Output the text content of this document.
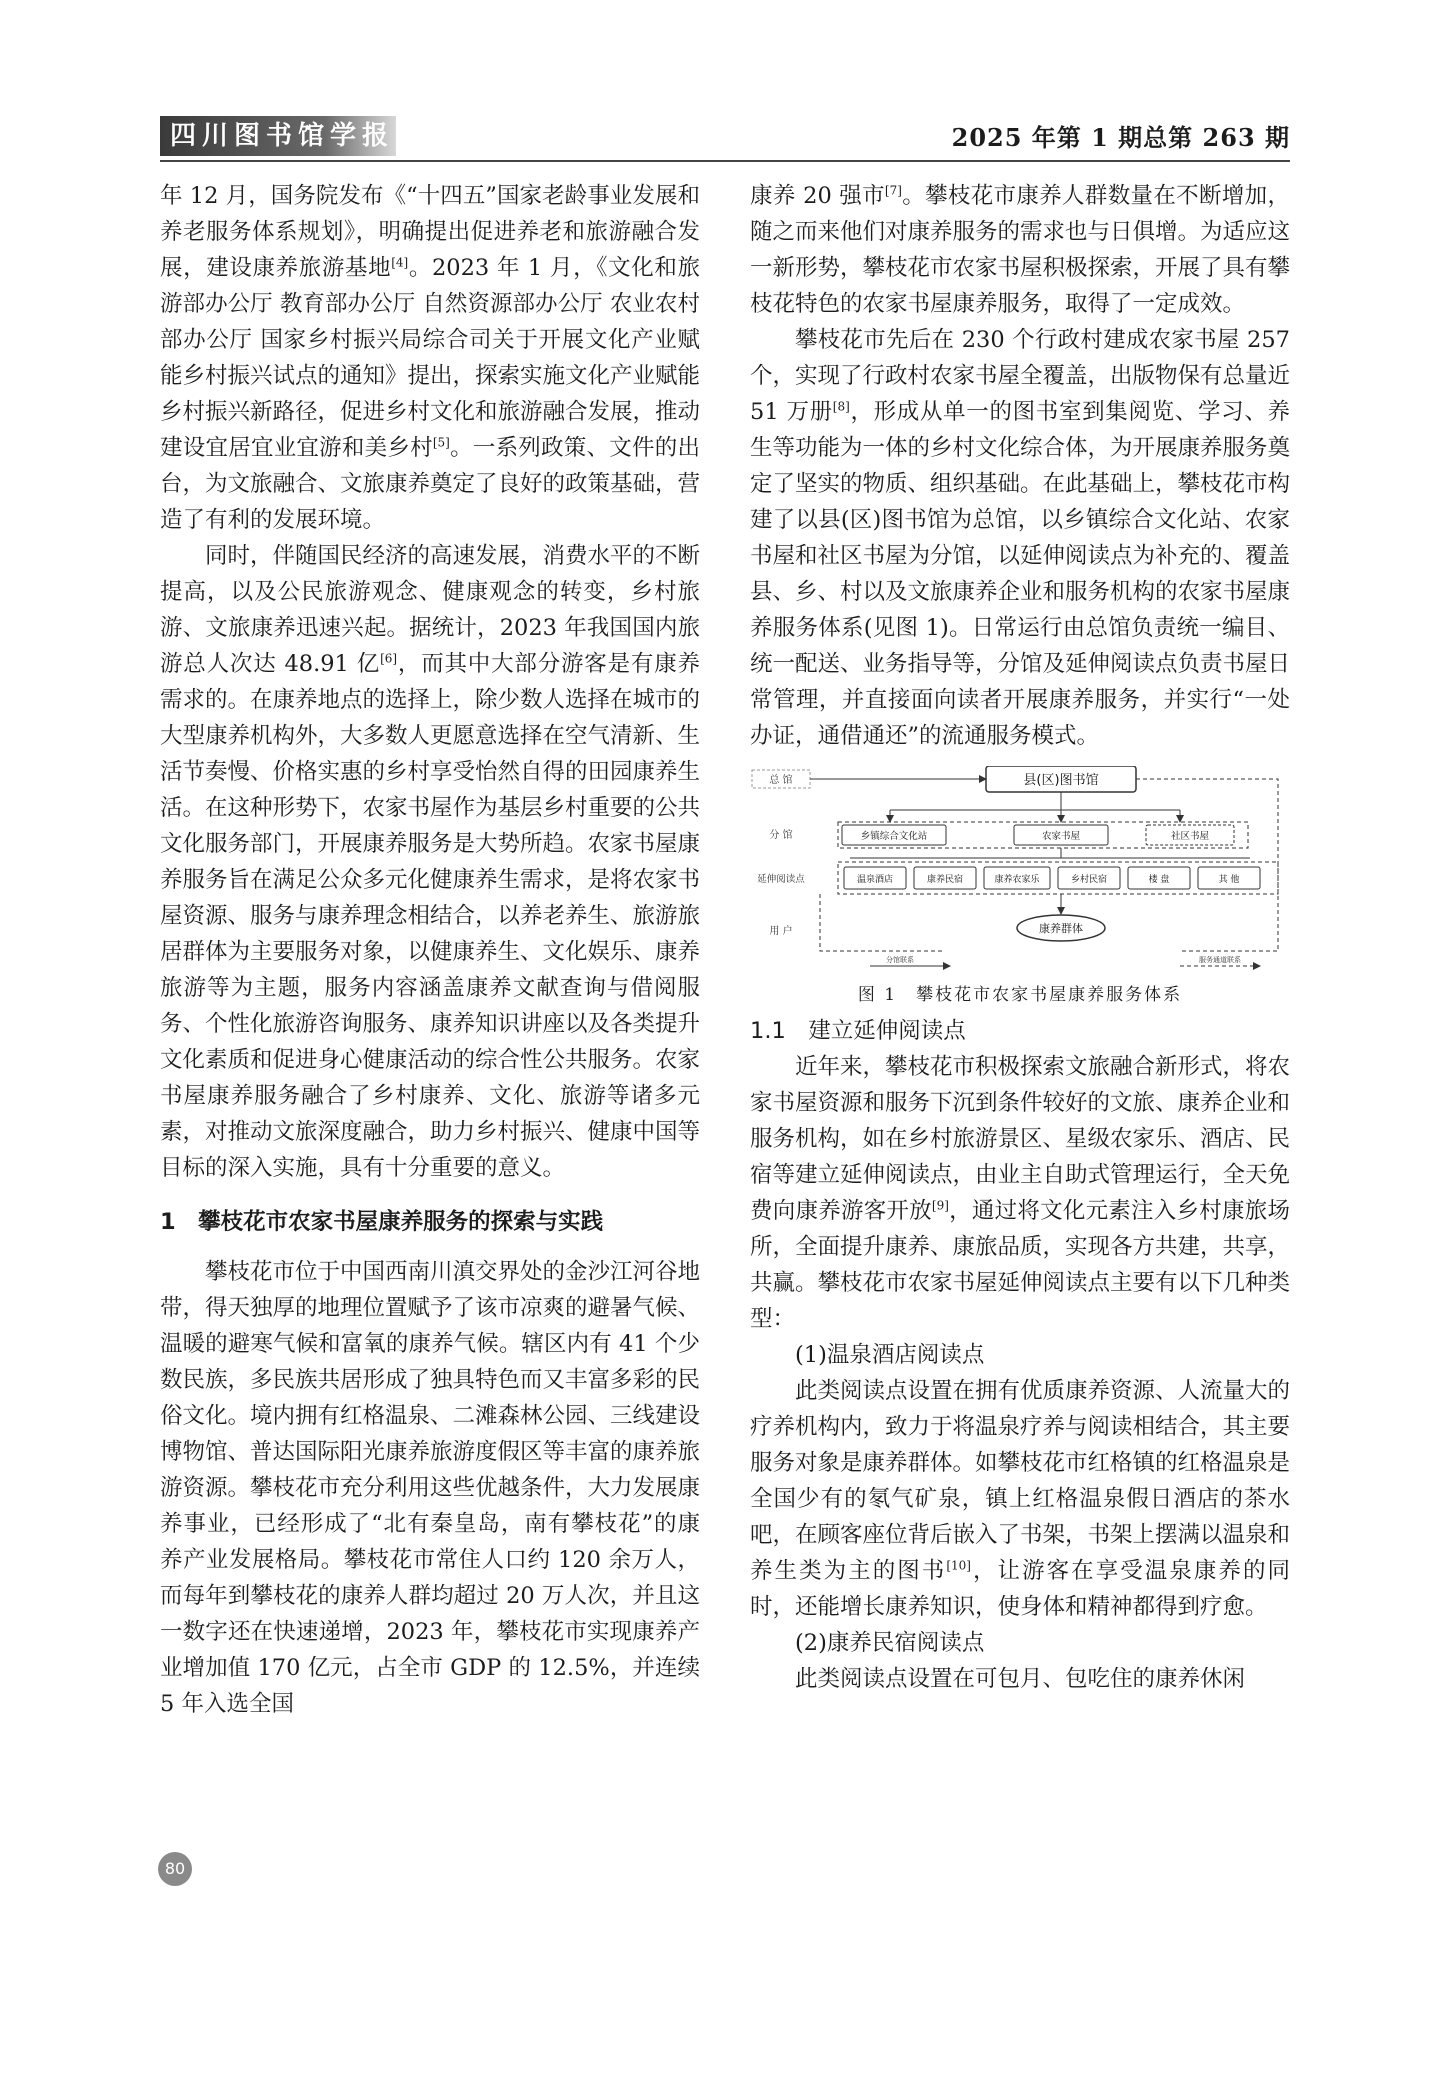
四川图书馆学报	2025 年第 1 期总第 263 期

年 12 月，国务院发布《“十四五”国家老龄事业发展和养老服务体系规划》，明确提出促进养老和旅游融合发展，建设康养旅游基地[4]。2023 年 1 月，《文化和旅游部办公厅 教育部办公厅 自然资源部办公厅 农业农村部办公厅 国家乡村振兴局综合司关于开展文化产业赋能乡村振兴试点的通知》提出，探索实施文化产业赋能乡村振兴新路径，促进乡村文化和旅游融合发展，推动建设宜居宜业宜游和美乡村[5]。一系列政策、文件的出台，为文旅融合、文旅康养奠定了良好的政策基础，营造了有利的发展环境。

同时，伴随国民经济的高速发展，消费水平的不断提高，以及公民旅游观念、健康观念的转变，乡村旅游、文旅康养迅速兴起。据统计，2023 年我国国内旅游总人次达 48.91 亿[6]，而其中大部分游客是有康养需求的。在康养地点的选择上，除少数人选择在城市的大型康养机构外，大多数人更愿意选择在空气清新、生活节奏慢、价格实惠的乡村享受怡然自得的田园康养生活。在这种形势下，农家书屋作为基层乡村重要的公共文化服务部门，开展康养服务是大势所趋。农家书屋康养服务旨在满足公众多元化健康养生需求，是将农家书屋资源、服务与康养理念相结合，以养老养生、旅游旅居群体为主要服务对象，以健康养生、文化娱乐、康养旅游等为主题，服务内容涵盖康养文献查询与借阅服务、个性化旅游咨询服务、康养知识讲座以及各类提升文化素质和促进身心健康活动的综合性公共服务。农家书屋康养服务融合了乡村康养、文化、旅游等诸多元素，对推动文旅深度融合，助力乡村振兴、健康中国等目标的深入实施，具有十分重要的意义。

1　攀枝花市农家书屋康养服务的探索与实践

攀枝花市位于中国西南川滇交界处的金沙江河谷地带，得天独厚的地理位置赋予了该市凉爽的避暑气候、温暖的避寒气候和富氧的康养气候。辖区内有 41 个少数民族，多民族共居形成了独具特色而又丰富多彩的民俗文化。境内拥有红格温泉、二滩森林公园、三线建设博物馆、普达国际阳光康养旅游度假区等丰富的康养旅游资源。攀枝花市充分利用这些优越条件，大力发展康养事业，已经形成了“北有秦皇岛，南有攀枝花”的康养产业发展格局。攀枝花市常住人口约 120 余万人，而每年到攀枝花的康养人群均超过 20 万人次，并且这一数字还在快速递增，2023 年，攀枝花市实现康养产业增加值 170 亿元，占全市 GDP 的 12.5%，并连续 5 年入选全国

康养 20 强市[7]。攀枝花市康养人群数量在不断增加，随之而来他们对康养服务的需求也与日俱增。为适应这一新形势，攀枝花市农家书屋积极探索，开展了具有攀枝花特色的农家书屋康养服务，取得了一定成效。

攀枝花市先后在 230 个行政村建成农家书屋 257 个，实现了行政村农家书屋全覆盖，出版物保有总量近 51 万册[8]，形成从单一的图书室到集阅览、学习、养生等功能为一体的乡村文化综合体，为开展康养服务奠定了坚实的物质、组织基础。在此基础上，攀枝花市构建了以县(区)图书馆为总馆，以乡镇综合文化站、农家书屋和社区书屋为分馆，以延伸阅读点为补充的、覆盖县、乡、村以及文旅康养企业和服务机构的农家书屋康养服务体系(见图 1)。日常运行由总馆负责统一编目、统一配送、业务指导等，分馆及延伸阅读点负责书屋日常管理，并直接面向读者开展康养服务，并实行“一处办证，通借通还”的流通服务模式。

总 馆
分 馆
延伸阅读点
用 户
县(区)图书馆
乡镇综合文化站	农家书屋	社区书屋
温泉酒店	康养民宿	康养农家乐	乡村民宿	楼 盘	其 他
康养群体
分馆联系	服务通道联系
图 1　攀枝花市农家书屋康养服务体系
1.1　建立延伸阅读点

近年来，攀枝花市积极探索文旅融合新形式，将农家书屋资源和服务下沉到条件较好的文旅、康养企业和服务机构，如在乡村旅游景区、星级农家乐、酒店、民宿等建立延伸阅读点，由业主自助式管理运行，全天免费向康养游客开放[9]，通过将文化元素注入乡村康旅场所，全面提升康养、康旅品质，实现各方共建，共享，共赢。攀枝花市农家书屋延伸阅读点主要有以下几种类型：

(1)温泉酒店阅读点

此类阅读点设置在拥有优质康养资源、人流量大的疗养机构内，致力于将温泉疗养与阅读相结合，其主要服务对象是康养群体。如攀枝花市红格镇的红格温泉是全国少有的氡气矿泉，镇上红格温泉假日酒店的茶水吧，在顾客座位背后嵌入了书架，书架上摆满以温泉和养生类为主的图书[10]，让游客在享受温泉康养的同时，还能增长康养知识，使身体和精神都得到疗愈。

(2)康养民宿阅读点

此类阅读点设置在可包月、包吃住的康养休闲

80
